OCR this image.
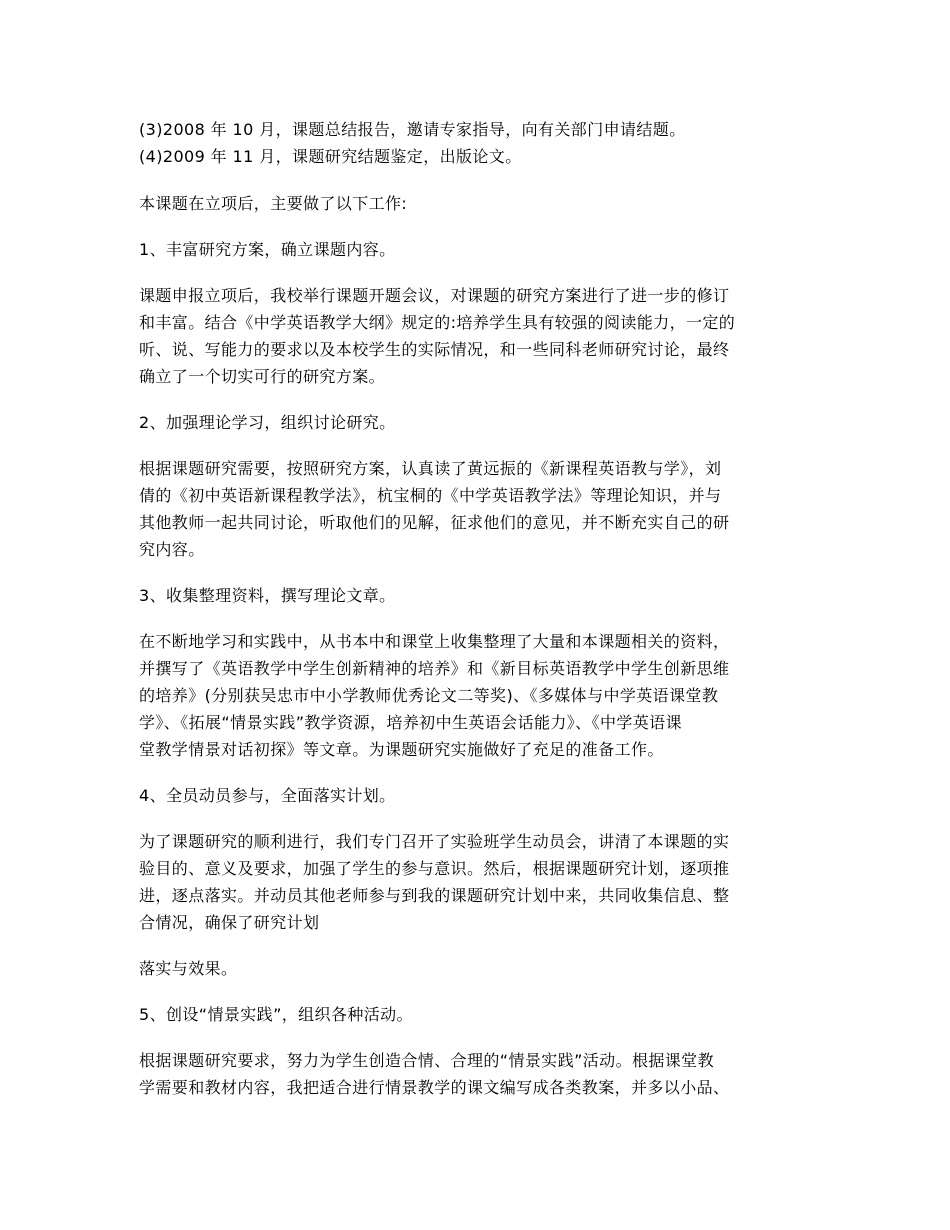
(3)2008 年 10 月，课题总结报告，邀请专家指导，向有关部门申请结题。

(4)2009 年 11 月，课题研究结题鉴定，出版论文。

本课题在立项后，主要做了以下工作:

1、丰富研究方案，确立课题内容。

课题申报立项后，我校举行课题开题会议，对课题的研究方案进行了进一步的修订

和丰富。结合《中学英语教学大纲》规定的:培养学生具有较强的阅读能力，一定的

听、说、写能力的要求以及本校学生的实际情况，和一些同科老师研究讨论，最终

确立了一个切实可行的研究方案。

2、加强理论学习，组织讨论研究。

根据课题研究需要，按照研究方案，认真读了黄远振的《新课程英语教与学》，刘

倩的《初中英语新课程教学法》，杭宝桐的《中学英语教学法》等理论知识，并与

其他教师一起共同讨论，听取他们的见解，征求他们的意见，并不断充实自己的研

究内容。

3、收集整理资料，撰写理论文章。

在不断地学习和实践中，从书本中和课堂上收集整理了大量和本课题相关的资料，

并撰写了《英语教学中学生创新精神的培养》和《新目标英语教学中学生创新思维

的培养》(分别获吴忠市中小学教师优秀论文二等奖)、《多媒体与中学英语课堂教

学》、《拓展“情景实践”教学资源，培养初中生英语会话能力》、《中学英语课

堂教学情景对话初探》等文章。为课题研究实施做好了充足的准备工作。

4、全员动员参与，全面落实计划。

为了课题研究的顺利进行，我们专门召开了实验班学生动员会，讲清了本课题的实

验目的、意义及要求，加强了学生的参与意识。然后，根据课题研究计划，逐项推

进，逐点落实。并动员其他老师参与到我的课题研究计划中来，共同收集信息、整

合情况，确保了研究计划

落实与效果。

5、创设“情景实践”，组织各种活动。

根据课题研究要求，努力为学生创造合情、合理的“情景实践”活动。根据课堂教

学需要和教材内容，我把适合进行情景教学的课文编写成各类教案，并多以小品、
